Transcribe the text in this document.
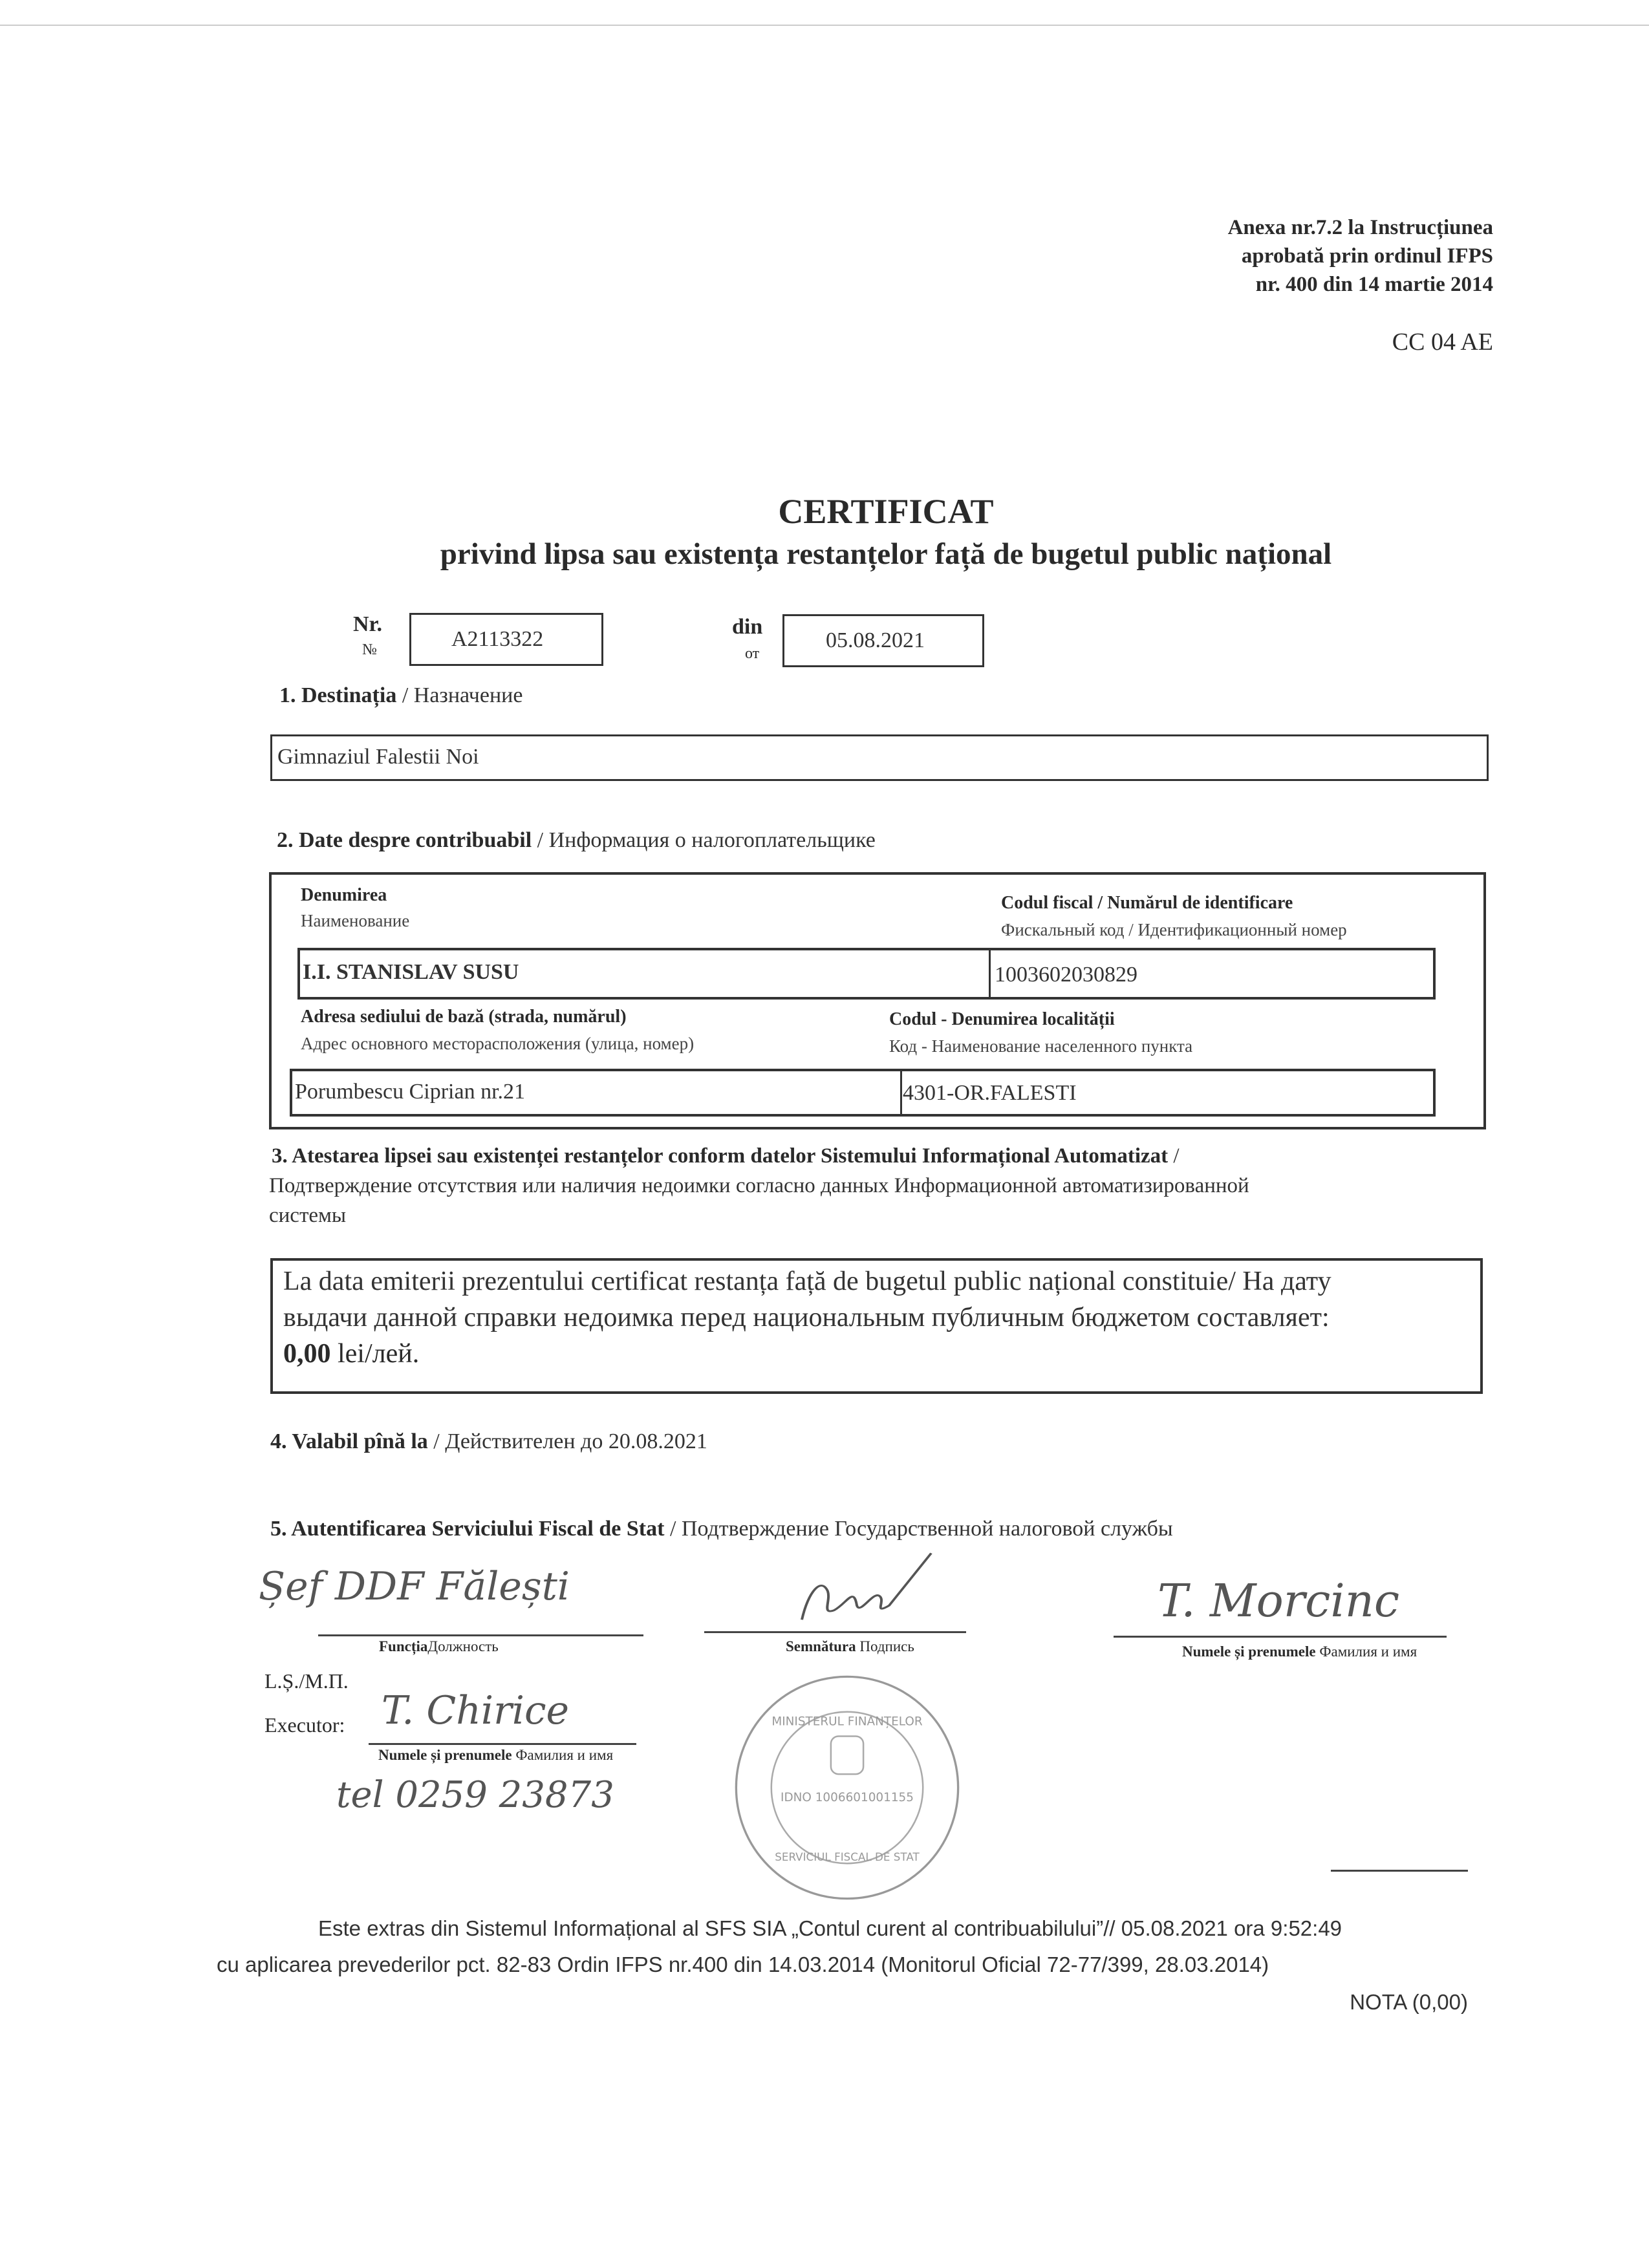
Anexa nr.7.2 la Instrucțiunea
aprobată prin ordinul IFPS
nr. 400 din 14 martie 2014
CC 04 AE
CERTIFICAT
privind lipsa sau existența restanțelor față de bugetul public național
Nr.
№	A2113322
din
от
05.08.2021
1. Destinația / Назначение
Gimnaziul Falestii Noi
2. Date despre contribuabil / Информация о налогоплательщике
Denumirea
Наименование
Codul fiscal / Numărul de identificare
Фискальный код / Идентификационный номер
I.I. STANISLAV SUSU	1003602030829
Adresa sediului de bază (strada, numărul)
Адрес основного месторасположения (улица, номер)
Codul - Denumirea localității
Код - Наименование населенного пункта
Porumbescu Ciprian nr.21	4301-OR.FALESTI
3. Atestarea lipsei sau existenței restanțelor conform datelor Sistemului Informațional Automatizat /
Подтверждение отсутствия или наличия недоимки согласно данных Информационной автоматизированной
системы
La data emiterii prezentului certificat restanța față de bugetul public național constituie/ На дату
выдачи данной справки недоимка перед национальным публичным бюджетом составляет:
0,00 lei/лей.
4. Valabil pînă la / Действителен до 20.08.2021
5. Autentificarea Serviciului Fiscal de Stat / Подтверждение Государственной налоговой службы
MINISTERUL FINANȚELOR
IDNO 1006601001155
SERVICIUL FISCAL DE STAT
Șef DDF Fălești
FuncțiaДолжность	Semnătura Подпись
T. Morcinc
Numele și prenumele Фамилия и имя
L.Ș./М.П.
Executor: T. Chirice
Numele și prenumele Фамилия и имя
tel 0259 23873
Este extras din Sistemul Informațional al SFS SIA „Contul curent al contribuabilului”// 05.08.2021 ora 9:52:49
cu aplicarea prevederilor pct. 82-83 Ordin IFPS nr.400 din 14.03.2014 (Monitorul Oficial 72-77/399, 28.03.2014)
NOTA (0,00)
